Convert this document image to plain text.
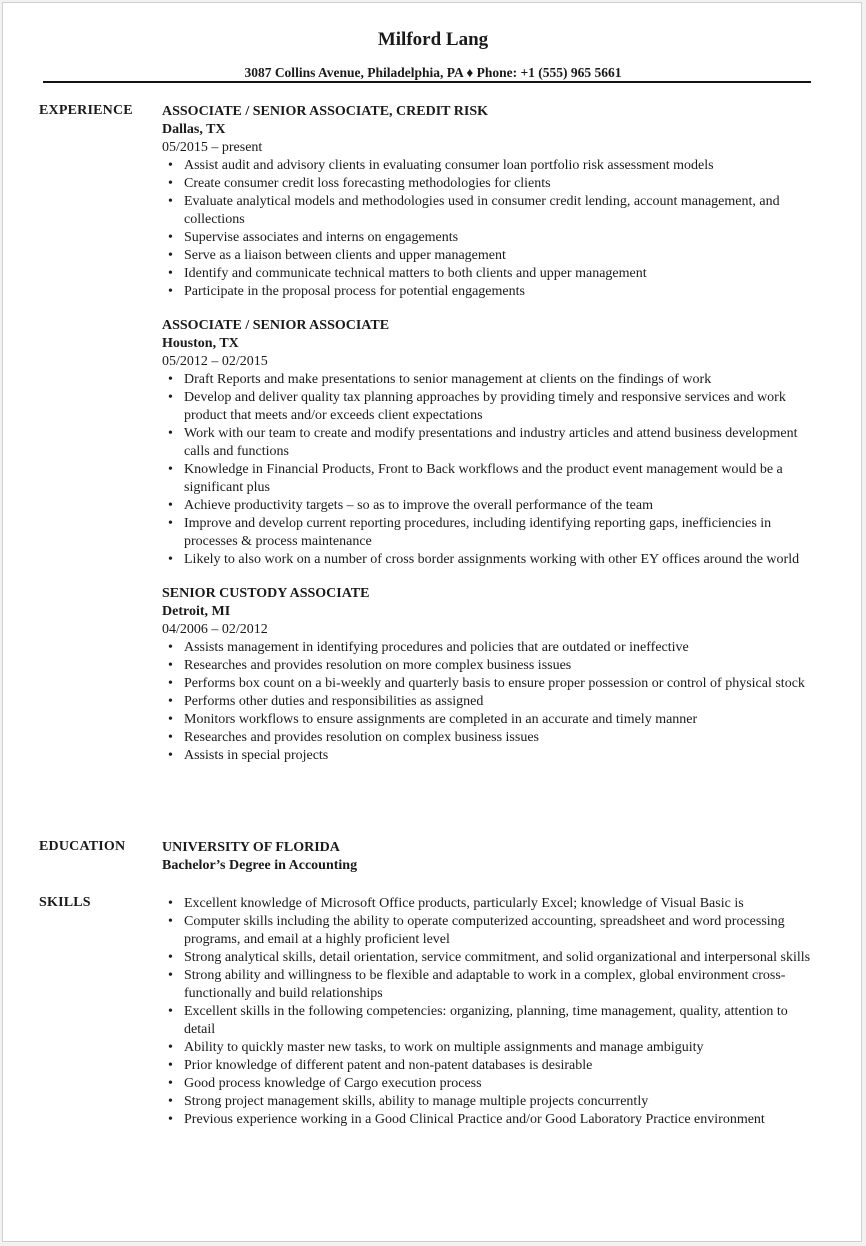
Milford Lang
3087 Collins Avenue, Philadelphia, PA ♦ Phone: +1 (555) 965 5661
EXPERIENCE ASSOCIATE / SENIOR ASSOCIATE, CREDIT RISK
Dallas, TX
05/2015 – present
• Assist audit and advisory clients in evaluating consumer loan portfolio risk assessment models
• Create consumer credit loss forecasting methodologies for clients
• Evaluate analytical models and methodologies used in consumer credit lending, account management, and collections
• Supervise associates and interns on engagements
• Serve as a liaison between clients and upper management
• Identify and communicate technical matters to both clients and upper management
• Participate in the proposal process for potential engagements
ASSOCIATE / SENIOR ASSOCIATE
Houston, TX
05/2012 – 02/2015
• Draft Reports and make presentations to senior management at clients on the findings of work
• Develop and deliver quality tax planning approaches by providing timely and responsive services and work product that meets and/or exceeds client expectations
• Work with our team to create and modify presentations and industry articles and attend business development calls and functions
• Knowledge in Financial Products, Front to Back workflows and the product event management would be a significant plus
• Achieve productivity targets – so as to improve the overall performance of the team
• Improve and develop current reporting procedures, including identifying reporting gaps, inefficiencies in processes & process maintenance
• Likely to also work on a number of cross border assignments working with other EY offices around the world
SENIOR CUSTODY ASSOCIATE
Detroit, MI
04/2006 – 02/2012
• Assists management in identifying procedures and policies that are outdated or ineffective
• Researches and provides resolution on more complex business issues
• Performs box count on a bi-weekly and quarterly basis to ensure proper possession or control of physical stock
• Performs other duties and responsibilities as assigned
• Monitors workflows to ensure assignments are completed in an accurate and timely manner
• Researches and provides resolution on complex business issues
• Assists in special projects
EDUCATION	UNIVERSITY OF FLORIDA
Bachelor’s Degree in Accounting
SKILLS
•	Excellent knowledge of Microsoft Office products, particularly Excel; knowledge of Visual Basic is
• Computer skills including the ability to operate computerized accounting, spreadsheet and word processing programs, and email at a highly proficient level
• Strong analytical skills, detail orientation, service commitment, and solid organizational and interpersonal skills
• Strong ability and willingness to be flexible and adaptable to work in a complex, global environment cross-functionally and build relationships
• Excellent skills in the following competencies: organizing, planning, time management, quality, attention to detail
• Ability to quickly master new tasks, to work on multiple assignments and manage ambiguity
• Prior knowledge of different patent and non-patent databases is desirable
• Good process knowledge of Cargo execution process
• Strong project management skills, ability to manage multiple projects concurrently
• Previous experience working in a Good Clinical Practice and/or Good Laboratory Practice environment
